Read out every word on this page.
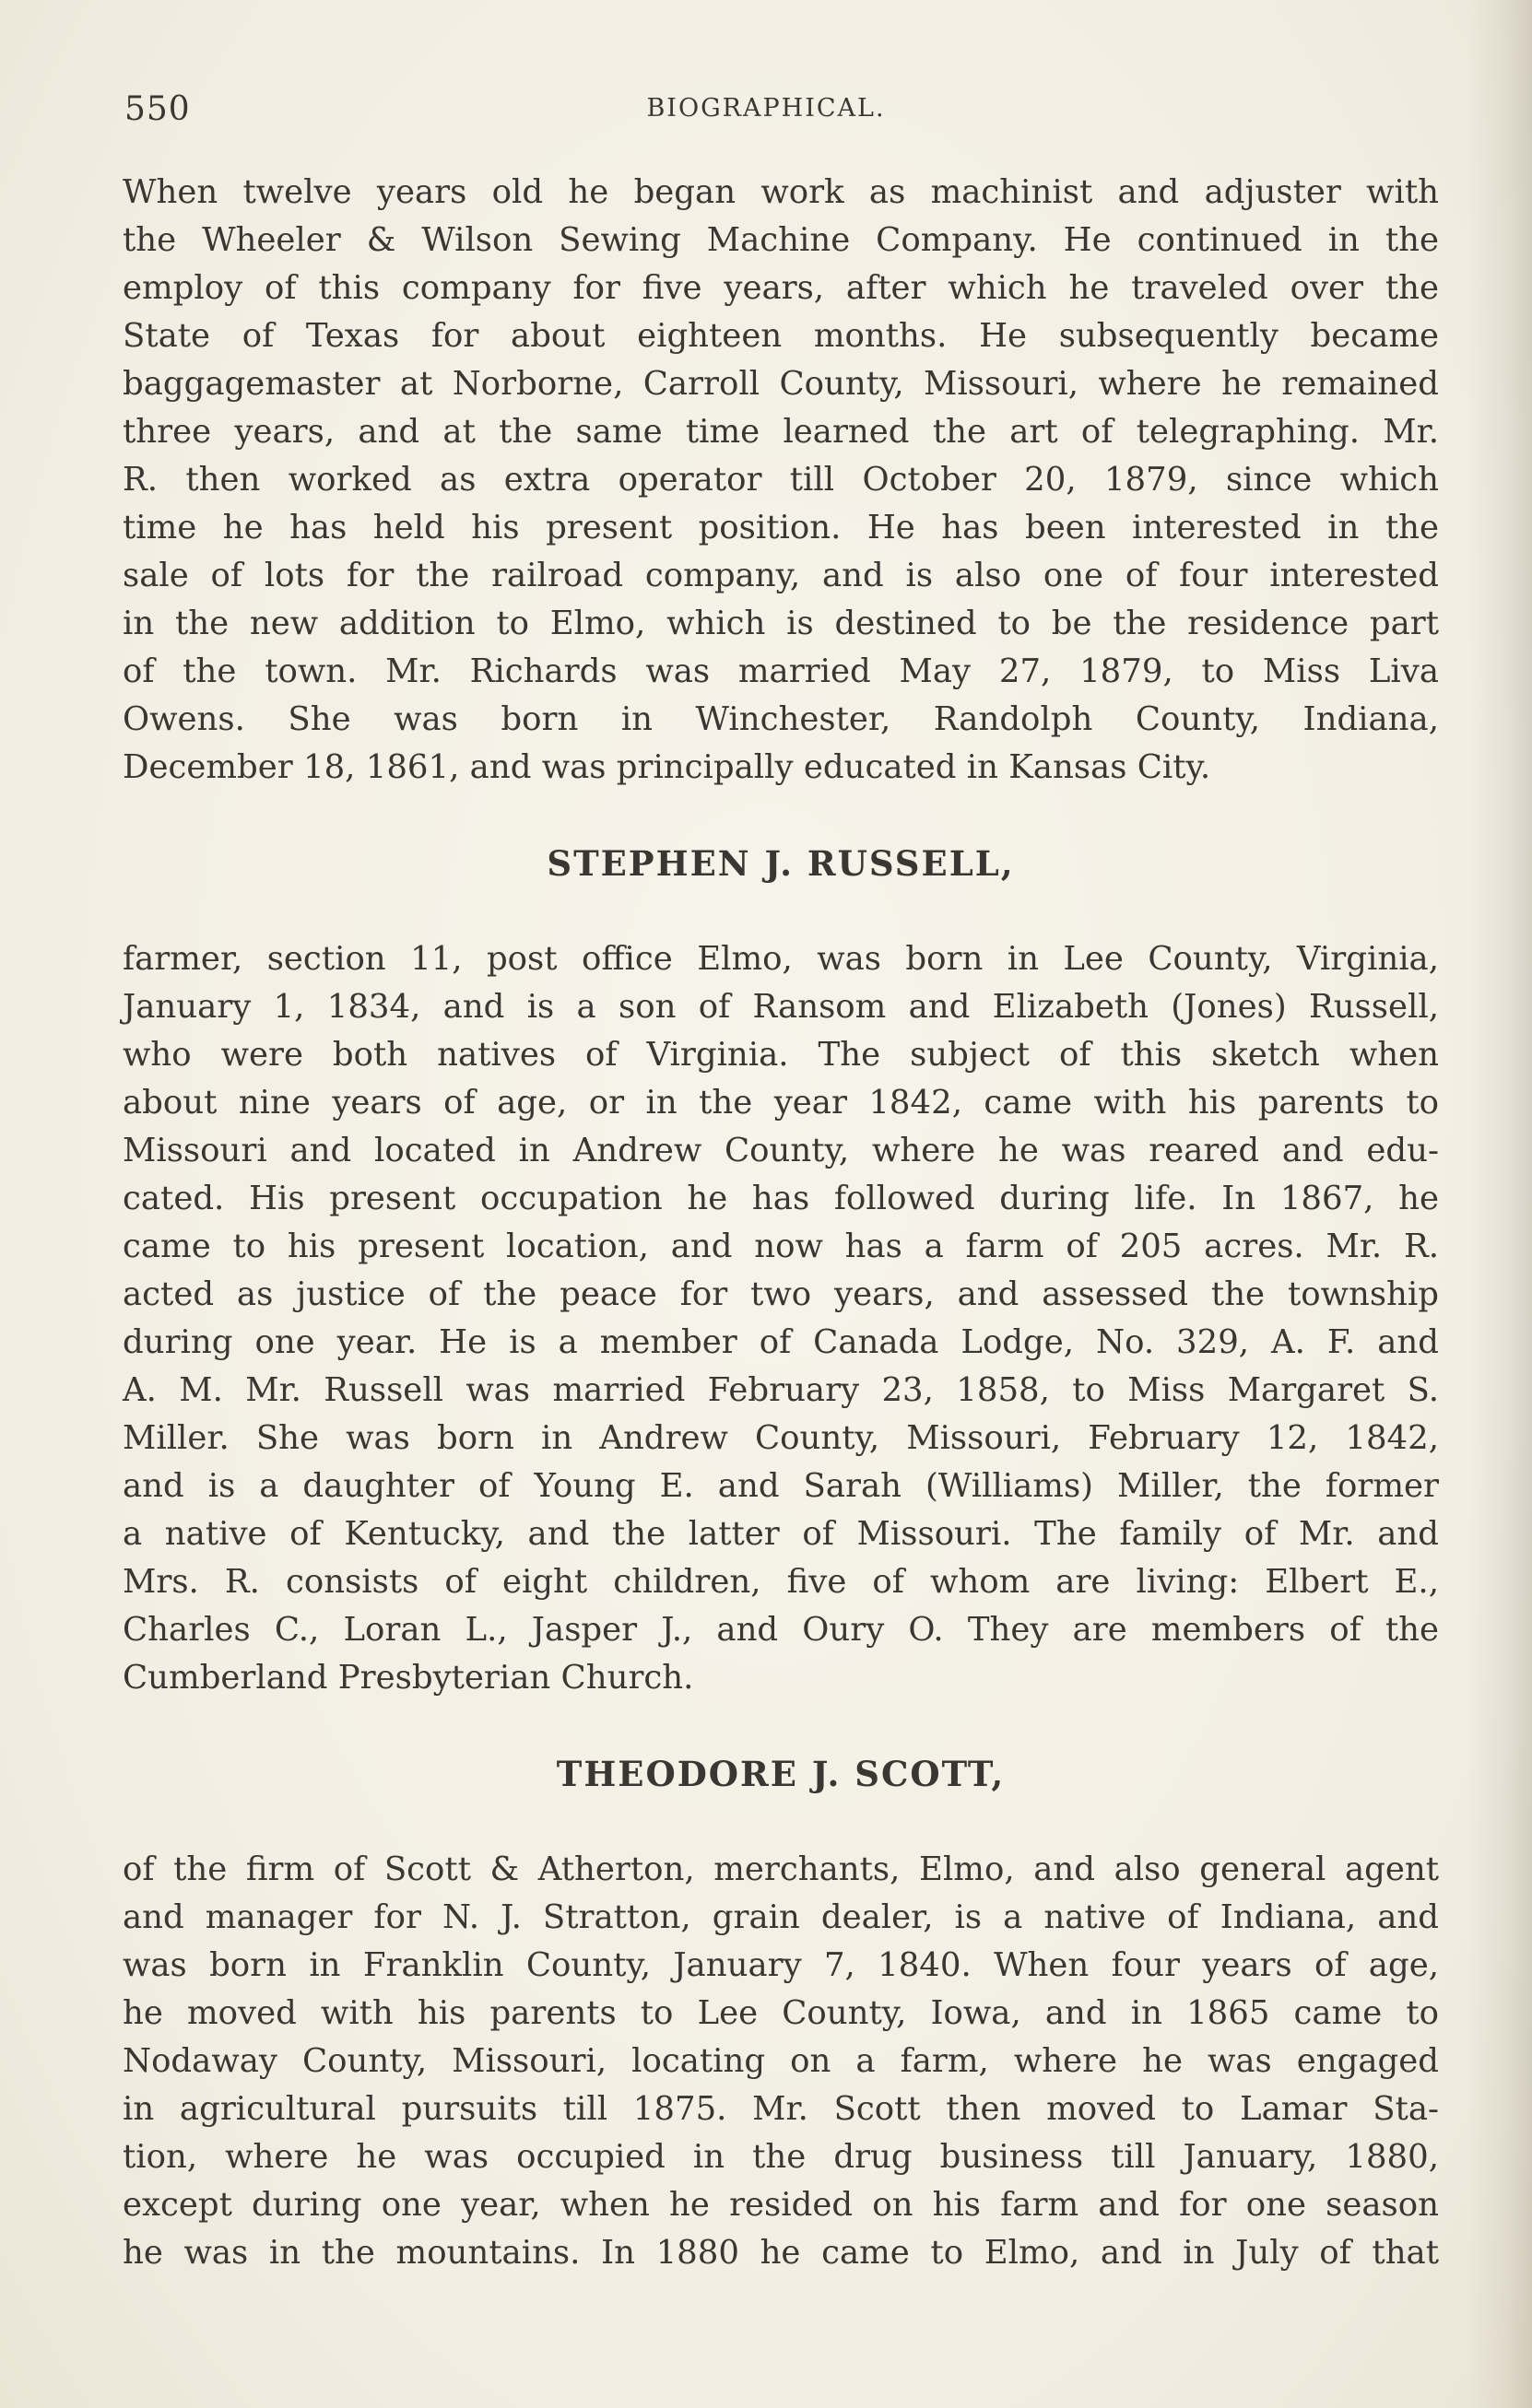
550	BIOGRAPHICAL.

When twelve years old he began work as machinist and adjuster with

the Wheeler & Wilson Sewing Machine Company. He continued in the

employ of this company for five years, after which he traveled over the

State of Texas for about eighteen months. He subsequently became

baggagemaster at Norborne, Carroll County, Missouri, where he remained

three years, and at the same time learned the art of telegraphing. Mr.

R. then worked as extra operator till October 20, 1879, since which

time he has held his present position. He has been interested in the

sale of lots for the railroad company, and is also one of four interested

in the new addition to Elmo, which is destined to be the residence part

of the town. Mr. Richards was married May 27, 1879, to Miss Liva

Owens. She was born in Winchester, Randolph County, Indiana,

December 18, 1861, and was principally educated in Kansas City.

STEPHEN J. RUSSELL,

farmer, section 11, post office Elmo, was born in Lee County, Virginia,

January 1, 1834, and is a son of Ransom and Elizabeth (Jones) Russell,

who were both natives of Virginia. The subject of this sketch when

about nine years of age, or in the year 1842, came with his parents to

Missouri and located in Andrew County, where he was reared and edu-

cated. His present occupation he has followed during life. In 1867, he

came to his present location, and now has a farm of 205 acres. Mr. R.

acted as justice of the peace for two years, and assessed the township

during one year. He is a member of Canada Lodge, No. 329, A. F. and

A. M. Mr. Russell was married February 23, 1858, to Miss Margaret S.

Miller. She was born in Andrew County, Missouri, February 12, 1842,

and is a daughter of Young E. and Sarah (Williams) Miller, the former

a native of Kentucky, and the latter of Missouri. The family of Mr. and

Mrs. R. consists of eight children, five of whom are living: Elbert E.,

Charles C., Loran L., Jasper J., and Oury O. They are members of the

Cumberland Presbyterian Church.

THEODORE J. SCOTT,

of the firm of Scott & Atherton, merchants, Elmo, and also general agent

and manager for N. J. Stratton, grain dealer, is a native of Indiana, and

was born in Franklin County, January 7, 1840. When four years of age,

he moved with his parents to Lee County, Iowa, and in 1865 came to

Nodaway County, Missouri, locating on a farm, where he was engaged

in agricultural pursuits till 1875. Mr. Scott then moved to Lamar Sta-

tion, where he was occupied in the drug business till January, 1880,

except during one year, when he resided on his farm and for one season

he was in the mountains. In 1880 he came to Elmo, and in July of that
